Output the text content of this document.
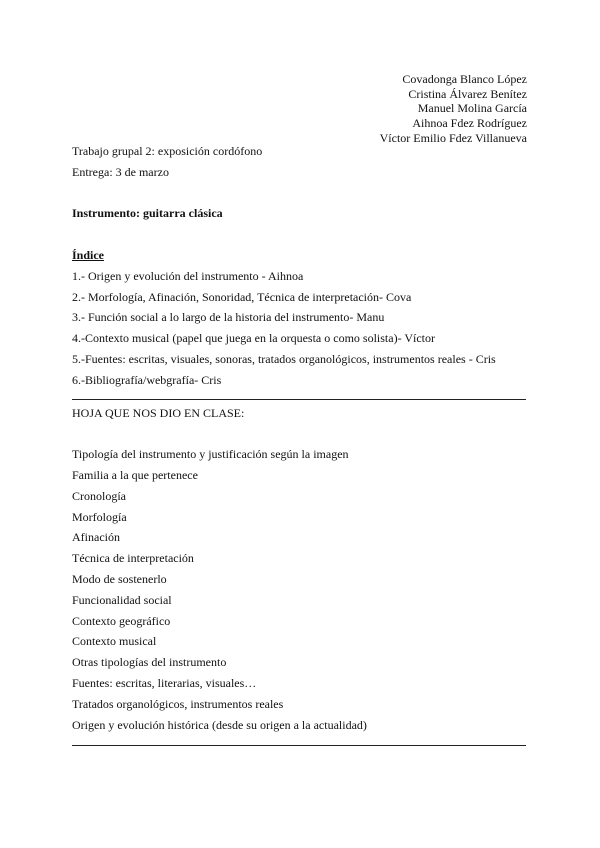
Covadonga Blanco López
Cristina Álvarez Benítez
Manuel Molina García
Aihnoa Fdez Rodríguez
Víctor Emilio Fdez Villanueva
Trabajo grupal 2: exposición cordófono
Entrega: 3 de marzo
Instrumento: guitarra clásica
Índice
1.- Origen y evolución del instrumento - Aihnoa
2.- Morfología, Afinación, Sonoridad, Técnica de interpretación- Cova
3.- Función social a lo largo de la historia del instrumento- Manu
4.-Contexto musical (papel que juega en la orquesta o como solista)- Víctor
5.-Fuentes: escritas, visuales, sonoras, tratados organológicos, instrumentos reales - Cris
6.-Bibliografía/webgrafía- Cris
HOJA QUE NOS DIO EN CLASE:
Tipología del instrumento y justificación según la imagen
Familia a la que pertenece
Cronología
Morfología
Afinación
Técnica de interpretación
Modo de sostenerlo
Funcionalidad social
Contexto geográfico
Contexto musical
Otras tipologías del instrumento
Fuentes: escritas, literarias, visuales…
Tratados organológicos, instrumentos reales
Origen y evolución histórica (desde su origen a la actualidad)
